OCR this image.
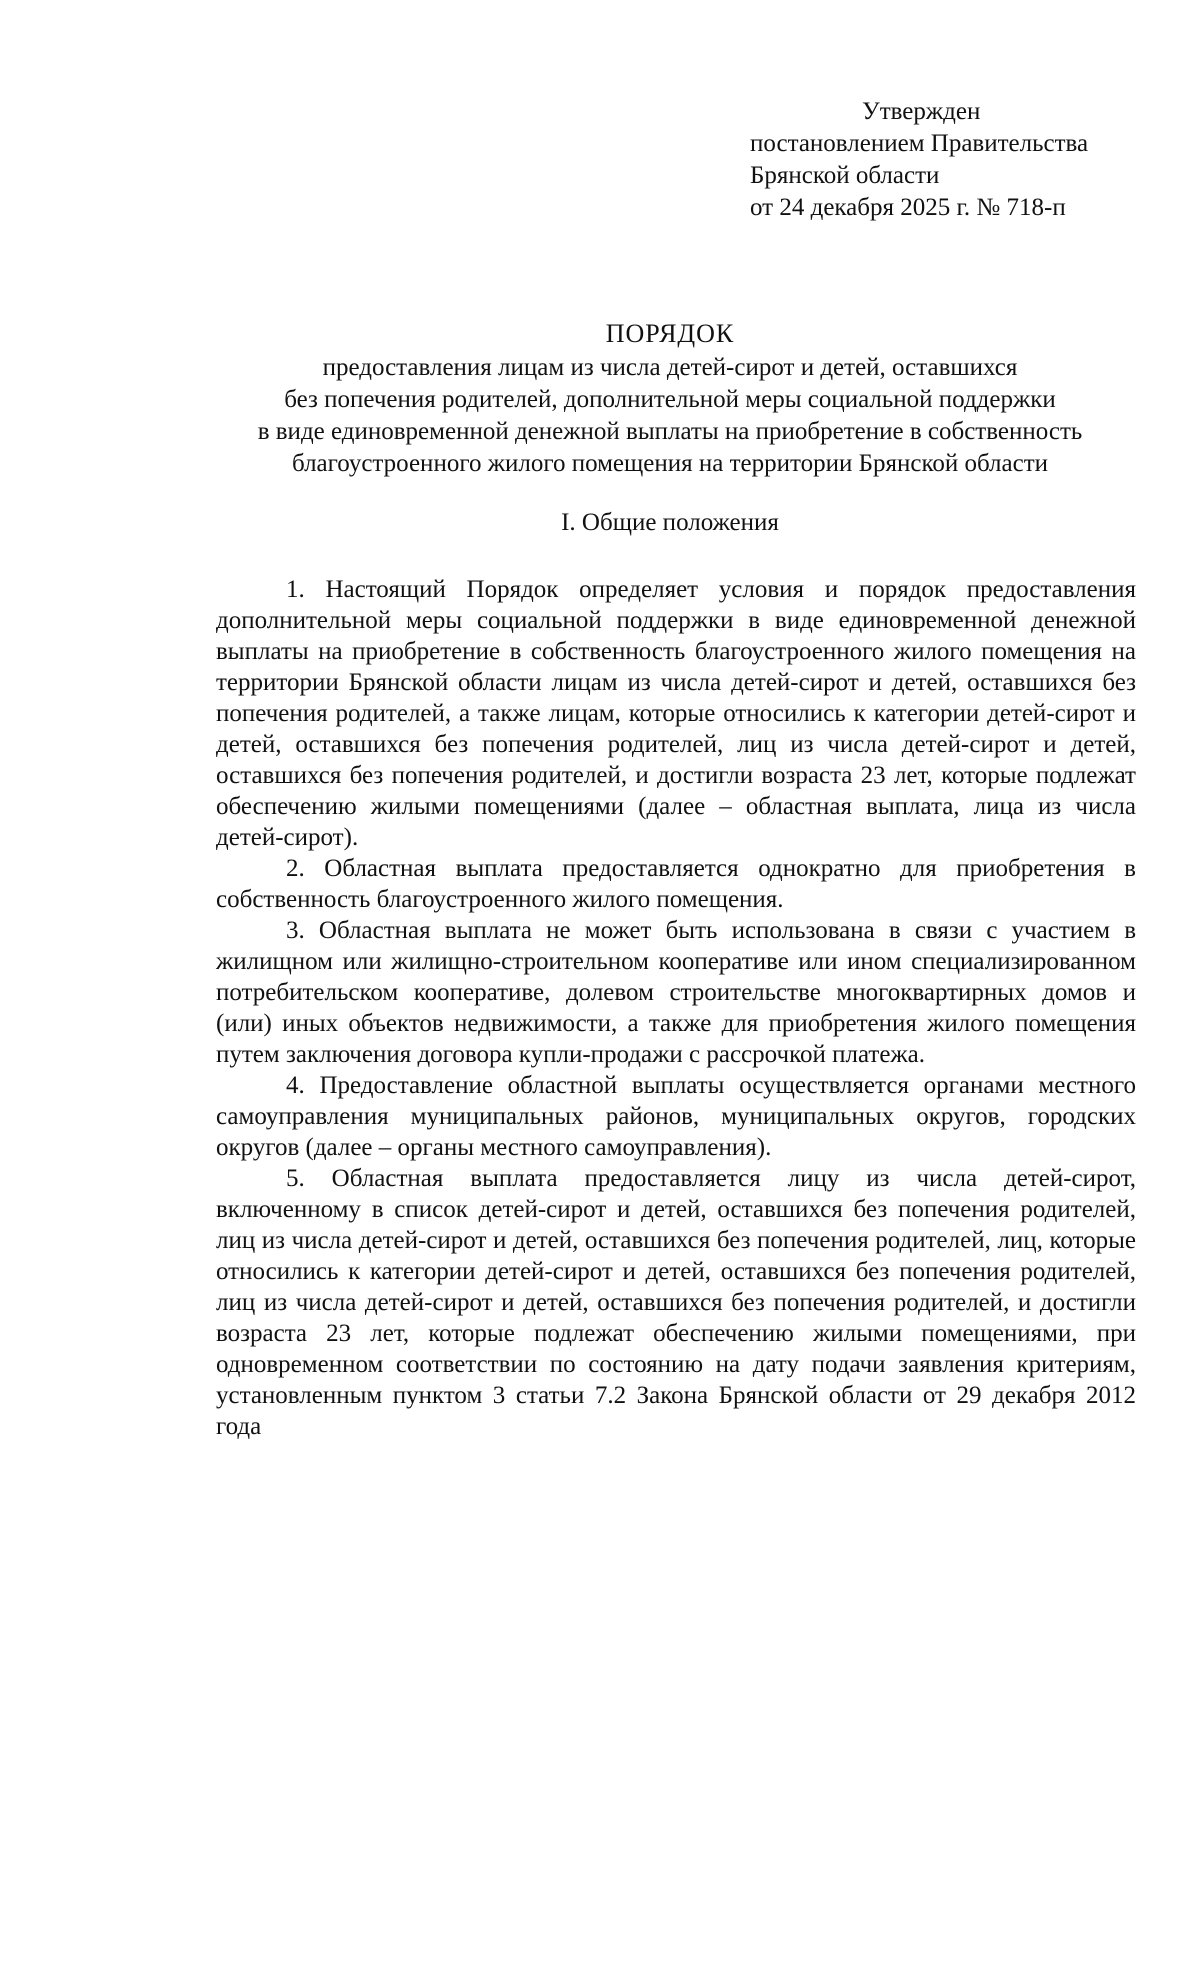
Утвержден
постановлением Правительства
Брянской области
от 24 декабря 2025 г. № 718-п
ПОРЯДОК
предоставления лицам из числа детей-сирот и детей, оставшихся
без попечения родителей, дополнительной меры социальной поддержки
в виде единовременной денежной выплаты на приобретение в собственность
благоустроенного жилого помещения на территории Брянской области
I. Общие положения

1. Настоящий Порядок определяет условия и порядок предоставления дополнительной меры социальной поддержки в виде единовременной денежной выплаты на приобретение в собственность благоустроенного жилого помещения на территории Брянской области лицам из числа детей-сирот и детей, оставшихся без попечения родителей, а также лицам, которые относились к категории детей-сирот и детей, оставшихся без попечения родителей, лиц из числа детей-сирот и детей, оставшихся без попечения родителей, и достигли возраста 23 лет, которые подлежат обеспечению жилыми помещениями (далее – областная выплата, лица из числа детей-сирот).

2. Областная выплата предоставляется однократно для приобретения в собственность благоустроенного жилого помещения.

3. Областная выплата не может быть использована в связи с участием в жилищном или жилищно-строительном кооперативе или ином специализированном потребительском кооперативе, долевом строительстве многоквартирных домов и (или) иных объектов недвижимости, а также для приобретения жилого помещения путем заключения договора купли-продажи с рассрочкой платежа.

4. Предоставление областной выплаты осуществляется органами местного самоуправления муниципальных районов, муниципальных округов, городских округов (далее – органы местного самоуправления).

5. Областная выплата предоставляется лицу из числа детей-сирот, включенному в список детей-сирот и детей, оставшихся без попечения родителей, лиц из числа детей-сирот и детей, оставшихся без попечения родителей, лиц, которые относились к категории детей-сирот и детей, оставшихся без попечения родителей, лиц из числа детей-сирот и детей, оставшихся без попечения родителей, и достигли возраста 23 лет, которые подлежат обеспечению жилыми помещениями, при одновременном соответствии по состоянию на дату подачи заявления критериям, установленным пунктом 3 статьи 7.2 Закона Брянской области от 29 декабря 2012 года
